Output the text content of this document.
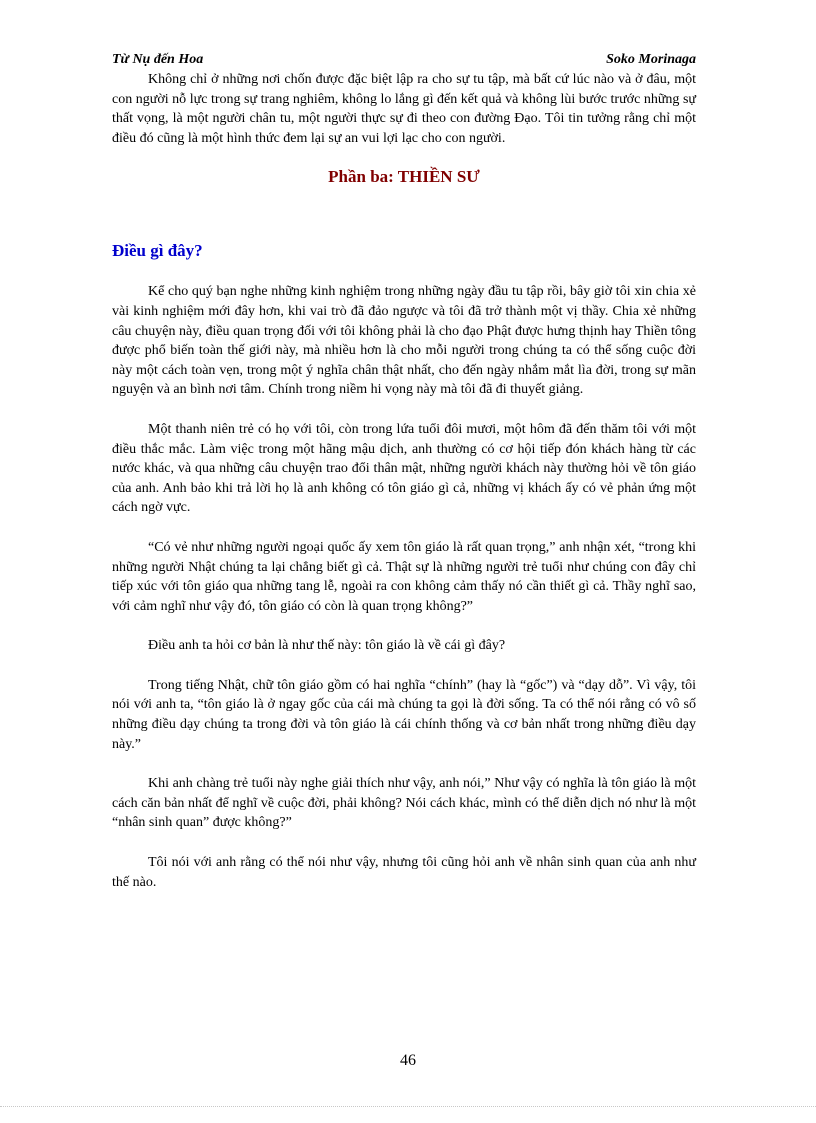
Từ Nụ đến Hoa	Soko Morinaga

Không chỉ ở những nơi chốn được đặc biệt lập ra cho sự tu tập, mà bất cứ lúc nào và ở đâu, một con người nỗ lực trong sự trang nghiêm, không lo lắng gì đến kết quả và không lùi bước trước những sự thất vọng, là một người chân tu, một người thực sự đi theo con đường Đạo. Tôi tin tưởng rằng chỉ một điều đó cũng là một hình thức đem lại sự an vui lợi lạc cho con người.

Phần ba: THIỀN SƯ
Điều gì đây?

Kể cho quý bạn nghe những kinh nghiệm trong những ngày đầu tu tập rồi, bây giờ tôi xin chia xẻ vài kinh nghiệm mới đây hơn, khi vai trò đã đảo ngược và tôi đã trở thành một vị thầy. Chia xẻ những câu chuyện này, điều quan trọng đối với tôi không phải là cho đạo Phật được hưng thịnh hay Thiền tông được phổ biến toàn thế giới này, mà nhiều hơn là cho mỗi người trong chúng ta có thể sống cuộc đời này một cách toàn vẹn, trong một ý nghĩa chân thật nhất, cho đến ngày nhắm mắt lìa đời, trong sự mãn nguyện và an bình nơi tâm. Chính trong niềm hi vọng này mà tôi đã đi thuyết giảng.

Một thanh niên trẻ có họ với tôi, còn trong lứa tuổi đôi mươi, một hôm đã đến thăm tôi với một điều thắc mắc. Làm việc trong một hãng mậu dịch, anh thường có cơ hội tiếp đón khách hàng từ các nước khác, và qua những câu chuyện trao đổi thân mật, những người khách này thường hỏi về tôn giáo của anh. Anh bảo khi trả lời họ là anh không có tôn giáo gì cả, những vị khách ấy có vẻ phản ứng một cách ngờ vực.

“Có vẻ như những người ngoại quốc ấy xem tôn giáo là rất quan trọng,” anh nhận xét, “trong khi những người Nhật chúng ta lại chẳng biết gì cả. Thật sự là những người trẻ tuổi như chúng con đây chỉ tiếp xúc với tôn giáo qua những tang lễ, ngoài ra con không cảm thấy nó cần thiết gì cả. Thầy nghĩ sao, với cảm nghĩ như vậy đó, tôn giáo có còn là quan trọng không?”

Điều anh ta hỏi cơ bản là như thế này: tôn giáo là về cái gì đây?

Trong tiếng Nhật, chữ tôn giáo gồm có hai nghĩa “chính” (hay là “gốc”) và “dạy dỗ”. Vì vậy, tôi nói với anh ta, “tôn giáo là ở ngay gốc của cái mà chúng ta gọi là đời sống. Ta có thể nói rằng có vô số những điều dạy chúng ta trong đời và tôn giáo là cái chính thống và cơ bản nhất trong những điều dạy này.”

Khi anh chàng trẻ tuổi này nghe giải thích như vậy, anh nói,” Như vậy có nghĩa là tôn giáo là một cách căn bản nhất để nghĩ về cuộc đời, phải không? Nói cách khác, mình có thể diễn dịch nó như là một “nhân sinh quan” được không?”

Tôi nói với anh rằng có thể nói như vậy, nhưng tôi cũng hỏi anh về nhân sinh quan của anh như thế nào.

46
